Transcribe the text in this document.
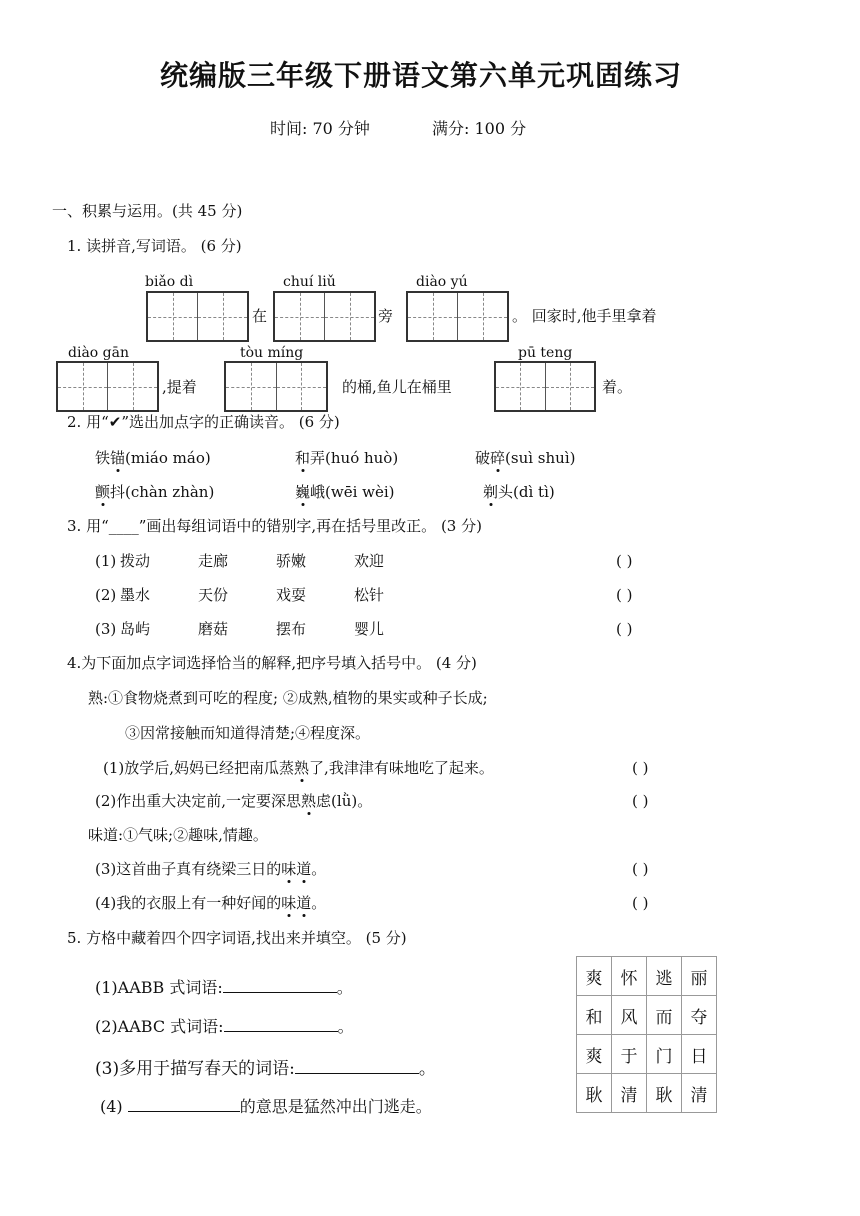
统编版三年级下册语文第六单元巩固练习
时间: 70 分钟	满分: 100 分
一、积累与运用。(共 45 分)
1. 读拼音,写词语。 (6 分)
biǎo dì	chuí liǔ	diào yú
在	旁	。 回家时,他手里拿着
diào gān	tòu míng	pū teng
,提着	的桶,鱼儿在桶里	着。
2. 用“✔”选出加点字的正确读音。 (6 分)
铁锚(miáo máo)	和弄(huó huò)	破碎(suì shuì)
颤抖(chàn zhàn)	巍峨(wēi wèi)	剃头(dì tì)
3. 用“____”画出每组词语中的错别字,再在括号里改正。 (3 分)
(1) 拨动	走廊	骄嫩	欢迎	( )
(2) 墨水	天份	戏耍	松针	( )
(3) 岛屿	磨菇	摆布	婴儿	( )
4.为下面加点字词选择恰当的解释,把序号填入括号中。 (4 分)
熟:①食物烧煮到可吃的程度; ②成熟,植物的果实或种子长成;
③因常接触而知道得清楚;④程度深。
(1)放学后,妈妈已经把南瓜蒸熟了,我津津有味地吃了起来。	( )
(2)作出重大决定前,一定要深思熟虑(lǜ)。	( )
味道:①气味;②趣味,情趣。
(3)这首曲子真有绕梁三日的味道。	( )
(4)我的衣服上有一种好闻的味道。	( )
5. 方格中藏着四个四字词语,找出来并填空。 (5 分)
(1)AABB 式词语:	。
(2)AABC 式词语:	。
(3)多用于描写春天的词语:	。
(4)	的意思是猛然冲出门逃走。
爽	怀	逃	丽
和	风	而	夺
爽	于	门	日
耿	清	耿	清
